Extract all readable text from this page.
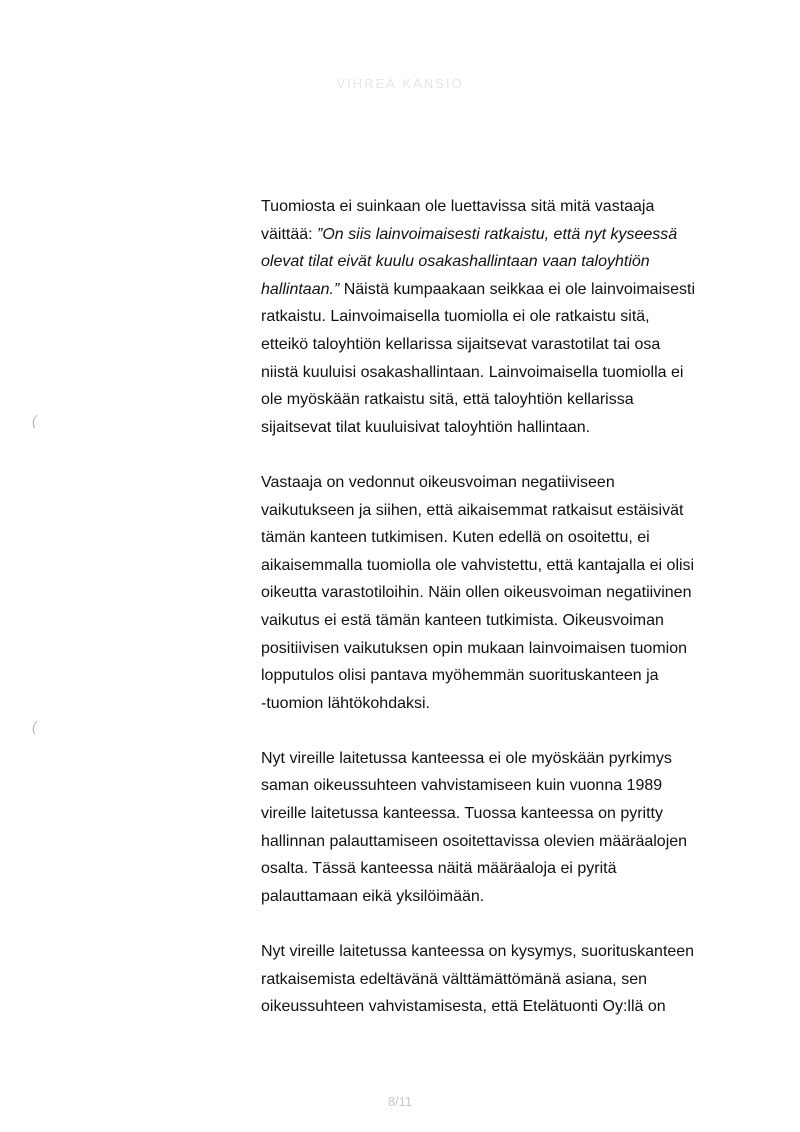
VIHREÄ KANSIO
(
(

Tuomiosta ei suinkaan ole luettavissa sitä mitä vastaaja
väittää: ”On siis lainvoimaisesti ratkaistu, että nyt kyseessä
olevat tilat eivät kuulu osakashallintaan vaan taloyhtiön
hallintaan.” Näistä kumpaakaan seikkaa ei ole lainvoimaisesti
ratkaistu. Lainvoimaisella tuomiolla ei ole ratkaistu sitä,
etteikö taloyhtiön kellarissa sijaitsevat varastotilat tai osa
niistä kuuluisi osakashallintaan. Lainvoimaisella tuomiolla ei
ole myöskään ratkaistu sitä, että taloyhtiön kellarissa
sijaitsevat tilat kuuluisivat taloyhtiön hallintaan.

Vastaaja on vedonnut oikeusvoiman negatiiviseen
vaikutukseen ja siihen, että aikaisemmat ratkaisut estäisivät
tämän kanteen tutkimisen. Kuten edellä on osoitettu, ei
aikaisemmalla tuomiolla ole vahvistettu, että kantajalla ei olisi
oikeutta varastotiloihin. Näin ollen oikeusvoiman negatiivinen
vaikutus ei estä tämän kanteen tutkimista. Oikeusvoiman
positiivisen vaikutuksen opin mukaan lainvoimaisen tuomion
lopputulos olisi pantava myöhemmän suorituskanteen ja
-tuomion lähtökohdaksi.

Nyt vireille laitetussa kanteessa ei ole myöskään pyrkimys
saman oikeussuhteen vahvistamiseen kuin vuonna 1989
vireille laitetussa kanteessa. Tuossa kanteessa on pyritty
hallinnan palauttamiseen osoitettavissa olevien määräalojen
osalta. Tässä kanteessa näitä määräaloja ei pyritä
palauttamaan eikä yksilöimään.

Nyt vireille laitetussa kanteessa on kysymys, suorituskanteen
ratkaisemista edeltävänä välttämättömänä asiana, sen
oikeussuhteen vahvistamisesta, että Etelätuonti Oy:llä on

8/11
